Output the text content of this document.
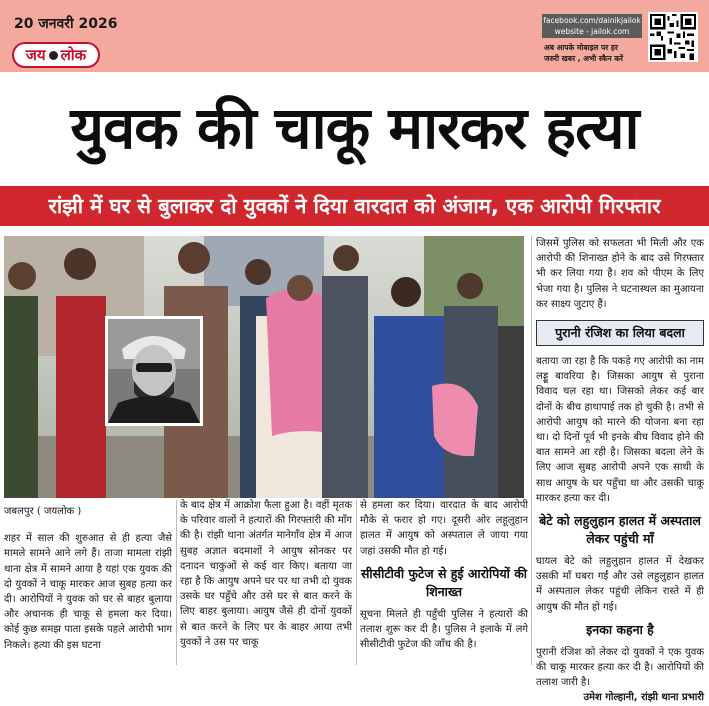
20 जनवरी 2026
जय लोक
facebook.com/dainikjailok
website - jailok.com
अब आपके मोबाइल पर हर
जरुरी खबर , अभी स्कैन करें
युवक की चाकू मारकर हत्या
रांझी में घर से बुलाकर दो युवकों ने दिया वारदात को अंजाम, एक आरोपी गिरफ्तार
जबलपुर ( जयलोक )

शहर में साल की शुरुआत से ही हत्या जैसे मामले सामने आने लगे हैं। ताजा मामला रांझी थाना क्षेत्र में सामने आया है यहां एक युवक की दो युवकों ने चाकू मारकर आज सुबह हत्या कर दी। आरोपियों ने युवक को घर से बाहर बुलाया और अचानक ही चाकू से हमला कर दिया। कोई कुछ समझ पाता इसके पहले आरोपी भाग निकले। हत्या की इस घटना

के बाद क्षेत्र में आक्रोश फैला हुआ है। वहीं मृतक के परिवार वालों ने हत्यारों की गिरफ्तारी की माँग की है। रांझी थाना अंतर्गत मानेगाँव क्षेत्र में आज सुबह अज्ञात बदमाशों ने आयुष सोनकर पर दनादन चाकुओं से कई वार किए। बताया जा रहा है कि आयुष अपने घर पर था तभी दो युवक उसके घर पहुँचे और उसे घर से बात करने के लिए बाहर बुलाया। आयुष जैसे ही दोनों युवकों से बात करने के लिए घर के बाहर आया तभी युवकों ने उस पर चाकू

से हमला कर दिया। वारदात के बाद आरोपी मौके से फरार हो गए। दूसरी ओर लहूलुहान हालत में आयुष को अस्पताल ले जाया गया जहां उसकी मौत हो गई।

सीसीटीवी फुटेज से हुई आरोपियों की शिनाख्त

सूचना मिलते ही पहुँची पुलिस ने हत्यारों की तलाश शुरू कर दी है। पुलिस ने इलाके में लगे सीसीटीवी फुटेज की जाँच की है।

जिसमें पुलिस को सफलता भी मिली और एक आरोपी की शिनाख्त होने के बाद उसे गिरफ्तार भी कर लिया गया है। शव को पीएम के लिए भेजा गया है। पुलिस ने घटनास्थल का मुआयना कर साक्ष्य जुटाए हैं।

पुरानी रंजिश का लिया बदला

बताया जा रहा है कि पकड़े गए आरोपी का नाम लड्डू बावरिया है। जिसका आयुष से पुराना विवाद चल रहा था। जिसको लेकर कई बार दोनों के बीच हाथापाई तक हो चुकी है। तभी से आरोपी आयुष को मारने की योजना बना रहा था। दो दिनों पूर्व भी इनके बीच विवाद होने की बात सामने आ रही है। जिसका बदला लेने के लिए आज सुबह आरोपी अपने एक साथी के साथ आयुष के घर पहुँचा था और उसकी चाकू मारकर हत्या कर दी।

बेटे को लहुलुहान हालत में अस्पताल लेकर पहुंची माँ

घायल बेटे को लहुलुहान हालत में देखकर उसकी माँ घबरा गईं और उसे लहुलुहान हालत में अस्पताल लेकर पहुंची लेकिन रास्ते में ही आयुष की मौत हो गई।

इनका कहना है

पुरानी रंजिश को लेकर दो युवकों ने एक युवक की चाकू मारकर हत्या कर दी है। आरोपियों की तलाश जारी है।

उमेश गोल्हानी, रांझी थाना प्रभारी
